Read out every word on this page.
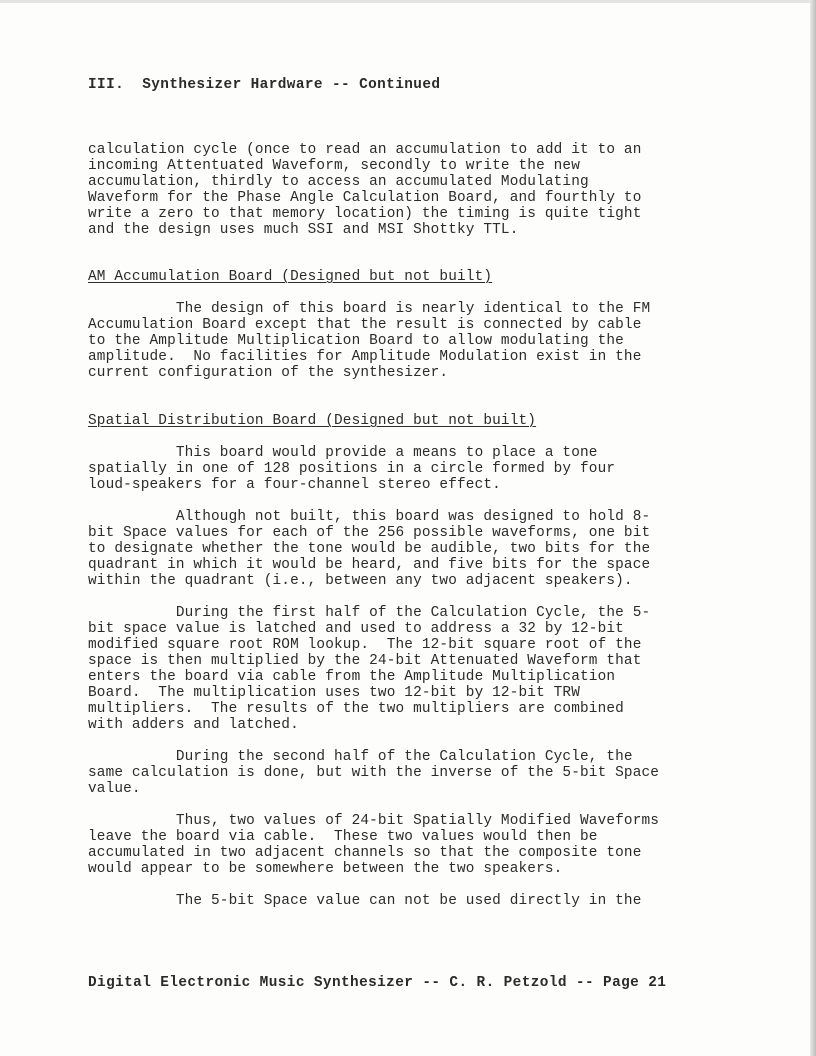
III.  Synthesizer Hardware -- Continued
calculation cycle (once to read an accumulation to add it to an
incoming Attentuated Waveform, secondly to write the new
accumulation, thirdly to access an accumulated Modulating
Waveform for the Phase Angle Calculation Board, and fourthly to
write a zero to that memory location) the timing is quite tight
and the design uses much SSI and MSI Shottky TTL.
AM Accumulation Board (Designed but not built)
The design of this board is nearly identical to the FM
Accumulation Board except that the result is connected by cable
to the Amplitude Multiplication Board to allow modulating the
amplitude.  No facilities for Amplitude Modulation exist in the
current configuration of the synthesizer.
Spatial Distribution Board (Designed but not built)
This board would provide a means to place a tone
spatially in one of 128 positions in a circle formed by four
loud-speakers for a four-channel stereo effect.
Although not built, this board was designed to hold 8-
bit Space values for each of the 256 possible waveforms, one bit
to designate whether the tone would be audible, two bits for the
quadrant in which it would be heard, and five bits for the space
within the quadrant (i.e., between any two adjacent speakers).
During the first half of the Calculation Cycle, the 5-
bit space value is latched and used to address a 32 by 12-bit
modified square root ROM lookup.  The 12-bit square root of the
space is then multiplied by the 24-bit Attenuated Waveform that
enters the board via cable from the Amplitude Multiplication
Board.  The multiplication uses two 12-bit by 12-bit TRW
multipliers.  The results of the two multipliers are combined
with adders and latched.
During the second half of the Calculation Cycle, the
same calculation is done, but with the inverse of the 5-bit Space
value.
Thus, two values of 24-bit Spatially Modified Waveforms
leave the board via cable.  These two values would then be
accumulated in two adjacent channels so that the composite tone
would appear to be somewhere between the two speakers.
The 5-bit Space value can not be used directly in the
Digital Electronic Music Synthesizer -- C. R. Petzold -- Page 21
